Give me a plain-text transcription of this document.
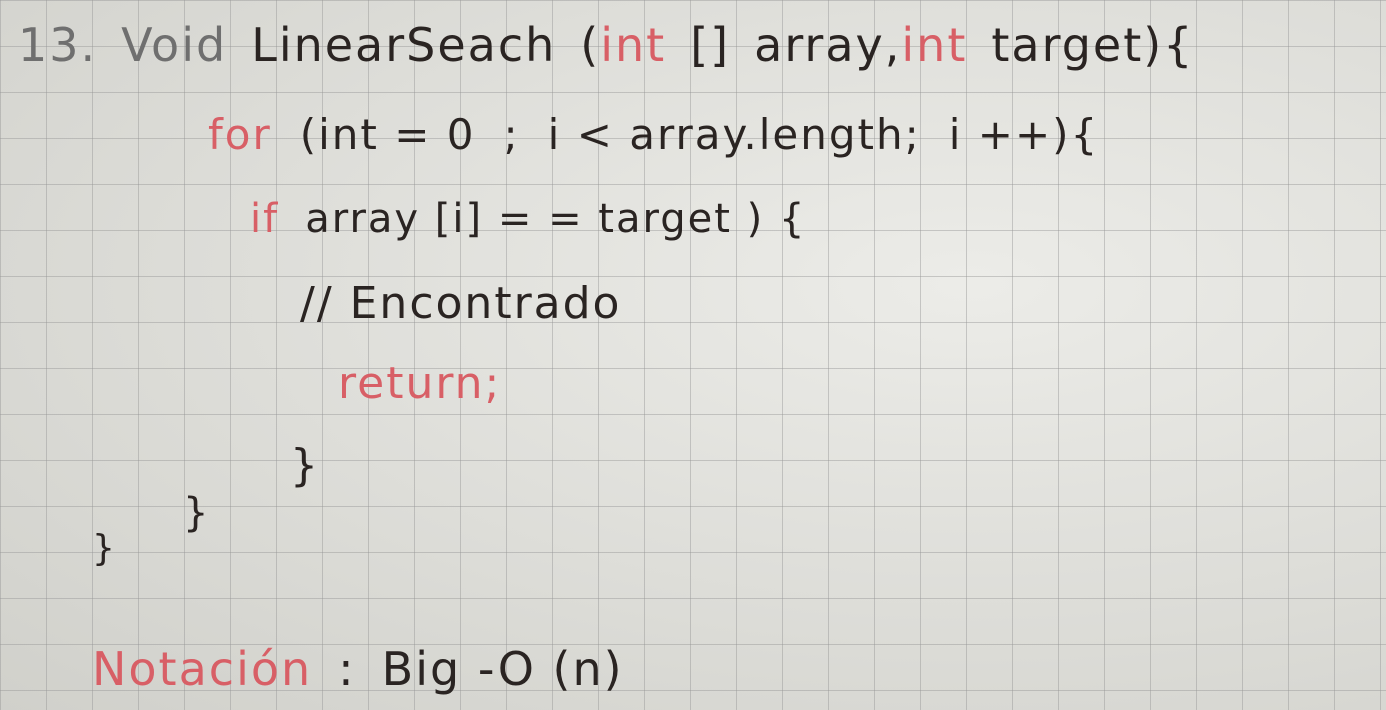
13. Void LinearSeach (int [] array,int target){
for (int = 0 ; i < array.length; i ++){
if array [i] = = target ) {
// Encontrado
return;
}
}
}
Notación : Big -O (n)
